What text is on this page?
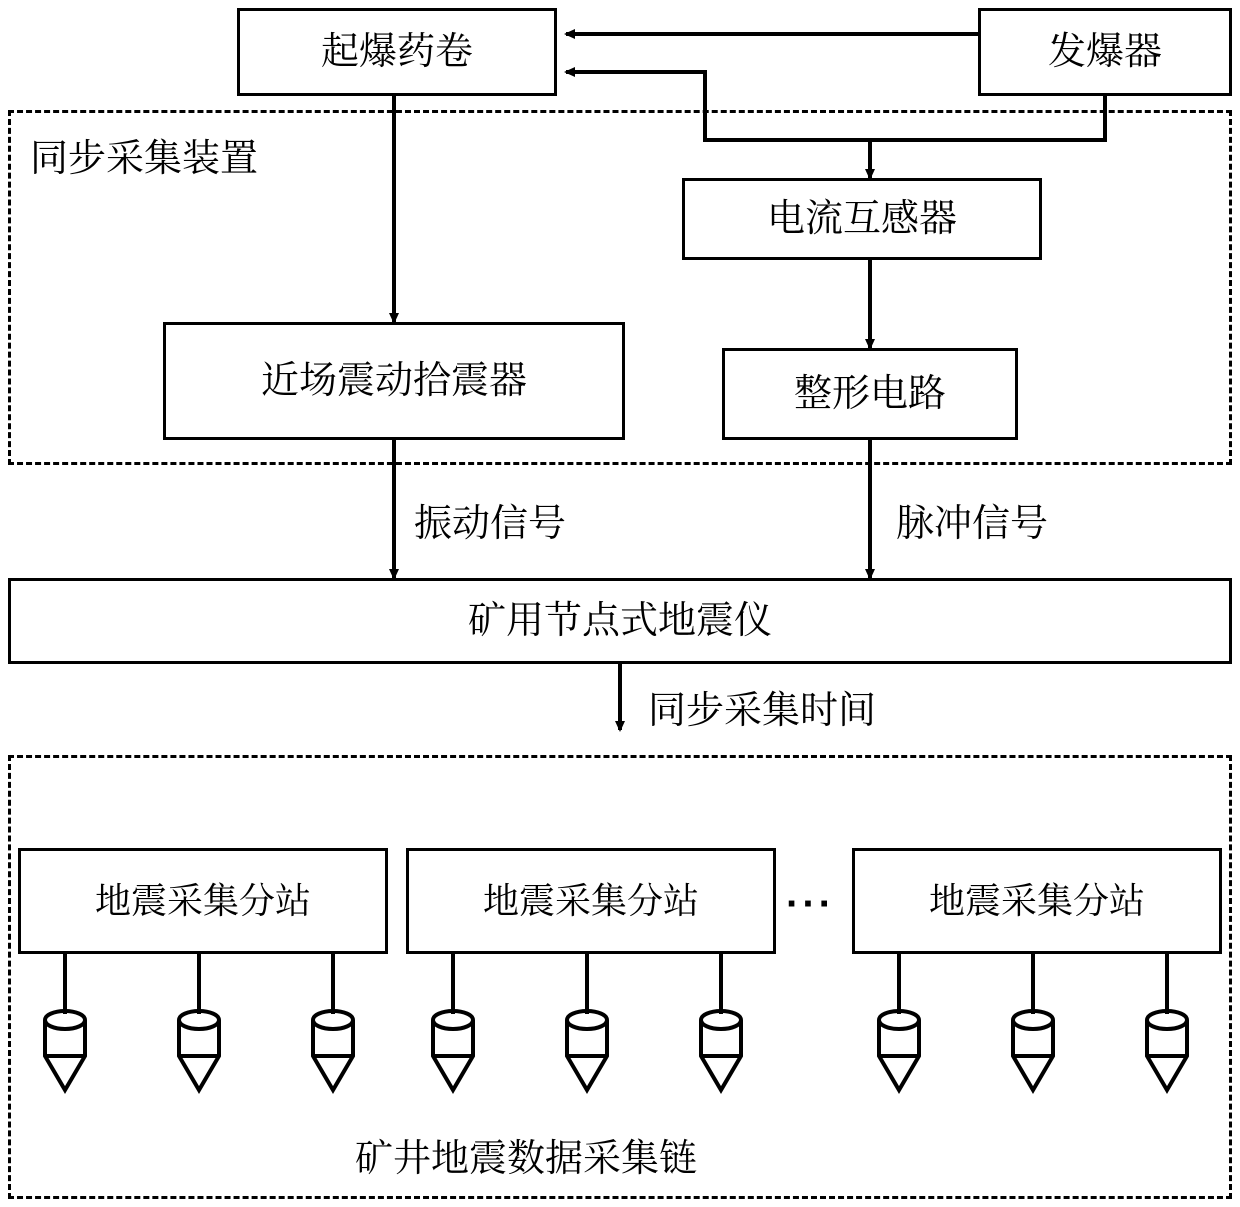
同步采集装置
起爆药卷	发爆器
电流互感器
近场震动拾震器	整形电路
矿用节点式地震仪
地震采集分站	地震采集分站	地震采集分站
···
振动信号	脉冲信号
同步采集时间
矿井地震数据采集链
